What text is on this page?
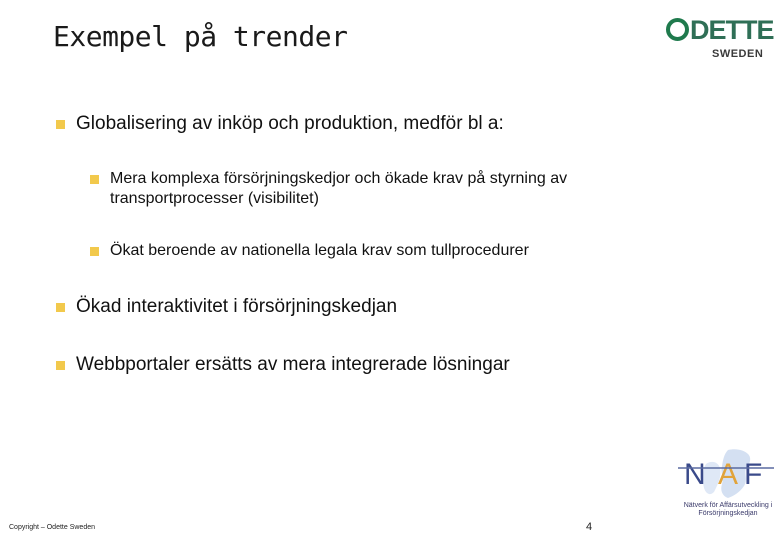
Exempel på trender	DETTE
SWEDEN
Globalisering av inköp och produktion, medför bl a:
Mera komplexa försörjningskedjor och ökade krav på styrning av transportprocesser (visibilitet)
Ökat beroende av nationella legala krav som tullprocedurer
Ökad interaktivitet i försörjningskedjan
Webbportaler ersätts av mera integrerade lösningar
Copyright – Odette Sweden	4
N A F
Nätverk för Affärsutveckling i Försörjningskedjan
